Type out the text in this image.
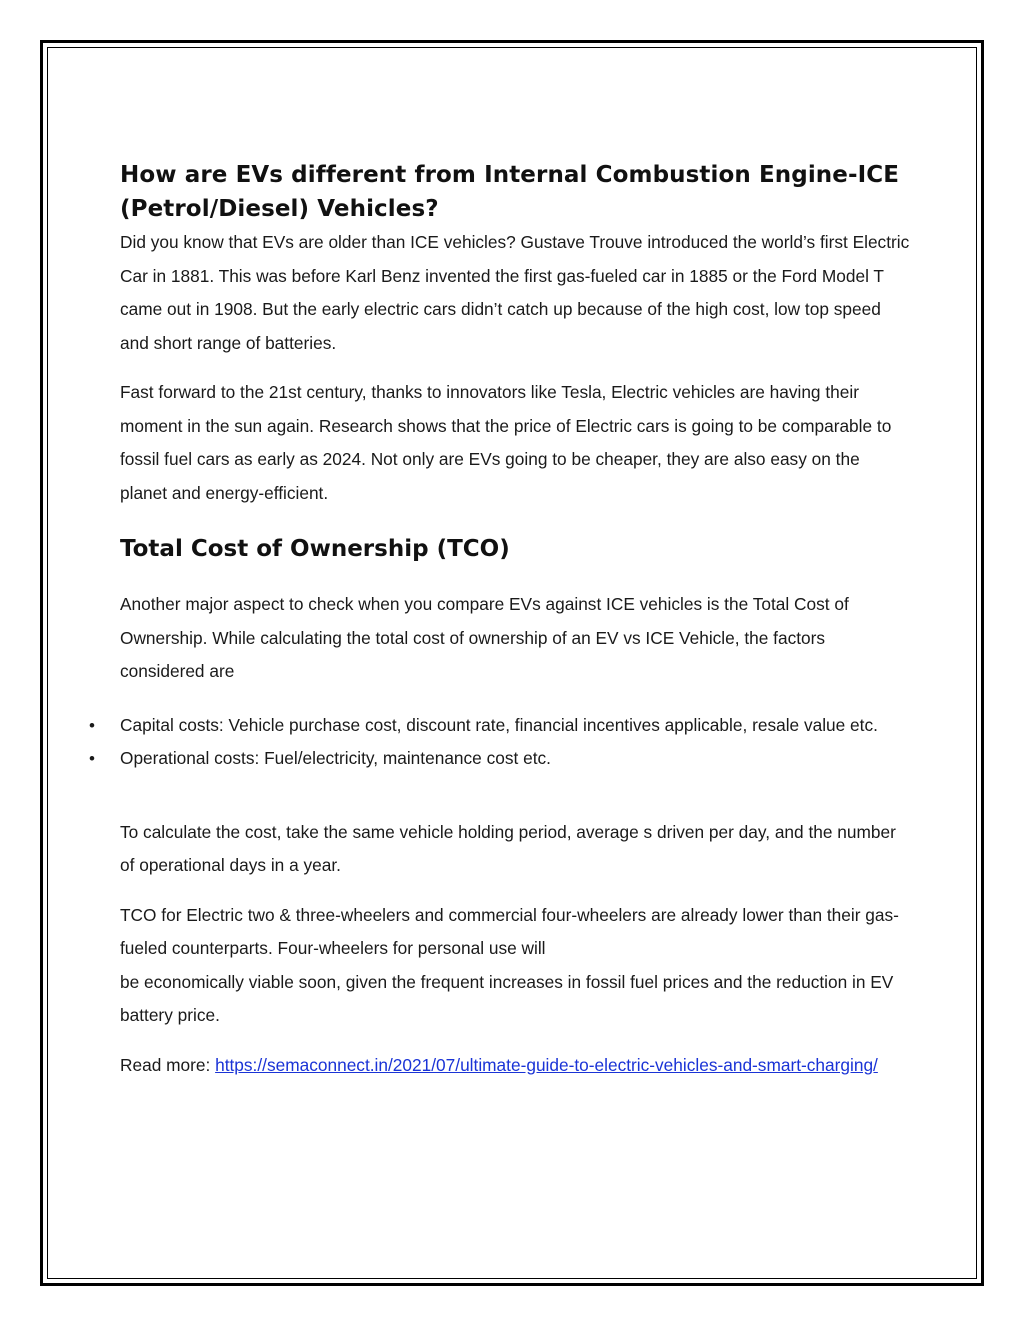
How are EVs different from Internal Combustion Engine-ICE (Petrol/Diesel) Vehicles?

Did you know that EVs are older than ICE vehicles? Gustave Trouve introduced the world’s first Electric Car in 1881. This was before Karl Benz invented the first gas-fueled car in 1885 or the Ford Model T came out in 1908. But the early electric cars didn’t catch up because of the high cost, low top speed and short range of batteries.

Fast forward to the 21st century, thanks to innovators like Tesla, Electric vehicles are having their moment in the sun again. Research shows that the price of Electric cars is going to be comparable to fossil fuel cars as early as 2024. Not only are EVs going to be cheaper, they are also easy on the planet and energy-efficient.

Total Cost of Ownership (TCO)

Another major aspect to check when you compare EVs against ICE vehicles is the Total Cost of Ownership. While calculating the total cost of ownership of an EV vs ICE Vehicle, the factors considered are

• Capital costs: Vehicle purchase cost, discount rate, financial incentives applicable, resale value etc.
• Operational costs: Fuel/electricity, maintenance cost etc.

To calculate the cost, take the same vehicle holding period, average s driven per day, and the number of operational days in a year.

TCO for Electric two & three-wheelers and commercial four-wheelers are already lower than their gas-fueled counterparts. Four-wheelers for personal use will
be economically viable soon, given the frequent increases in fossil fuel prices and the reduction in EV battery price.

Read more: https://semaconnect.in/2021/07/ultimate-guide-to-electric-vehicles-and-smart-charging/
